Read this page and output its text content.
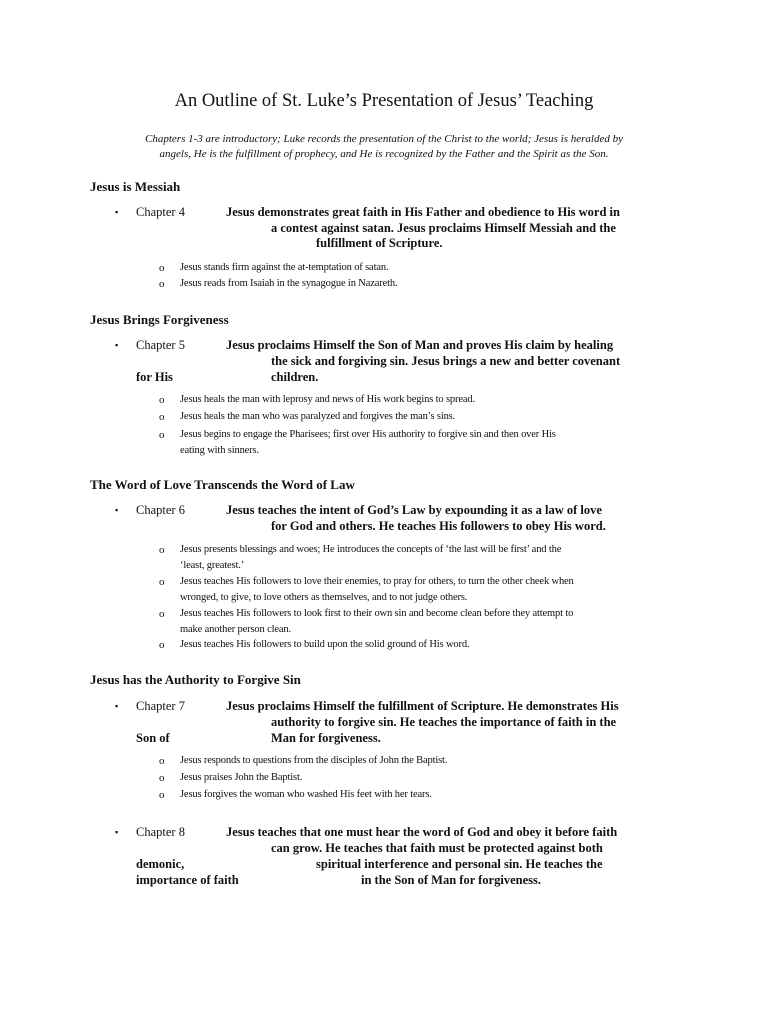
An Outline of St. Luke’s Presentation of Jesus’ Teaching
Chapters 1-3 are introductory; Luke records the presentation of the Christ to the world; Jesus is heralded by
angels, He is the fulfillment of prophecy, and He is recognized by the Father and the Spirit as the Son.
Jesus is Messiah
▪ Chapter 4	Jesus demonstrates great faith in His Father and obedience to His word in
a contest against satan. Jesus proclaims Himself Messiah and the
fulfillment of Scripture.
o Jesus stands firm against the at-temptation of satan.
o Jesus reads from Isaiah in the synagogue in Nazareth.
Jesus Brings Forgiveness
▪ Chapter 5	Jesus proclaims Himself the Son of Man and proves His claim by healing
the sick and forgiving sin. Jesus brings a new and better covenant
for His	children.
o Jesus heals the man with leprosy and news of His work begins to spread.
o Jesus heals the man who was paralyzed and forgives the man’s sins.
o Jesus begins to engage the Pharisees; first over His authority to forgive sin and then over His
eating with sinners.
The Word of Love Transcends the Word of Law
▪ Chapter 6	Jesus teaches the intent of God’s Law by expounding it as a law of love
for God and others. He teaches His followers to obey His word.
o Jesus presents blessings and woes; He introduces the concepts of ‘the last will be first’ and the
‘least, greatest.’
o Jesus teaches His followers to love their enemies, to pray for others, to turn the other cheek when
wronged, to give, to love others as themselves, and to not judge others.
o Jesus teaches His followers to look first to their own sin and become clean before they attempt to
make another person clean.
o Jesus teaches His followers to build upon the solid ground of His word.
Jesus has the Authority to Forgive Sin
▪ Chapter 7	Jesus proclaims Himself the fulfillment of Scripture. He demonstrates His
authority to forgive sin. He teaches the importance of faith in the
Son of	Man for forgiveness.
o Jesus responds to questions from the disciples of John the Baptist.
o Jesus praises John the Baptist.
o Jesus forgives the woman who washed His feet with her tears.
▪ Chapter 8	Jesus teaches that one must hear the word of God and obey it before faith
can grow. He teaches that faith must be protected against both
demonic,	spiritual interference and personal sin. He teaches the
importance of faith	in the Son of Man for forgiveness.
